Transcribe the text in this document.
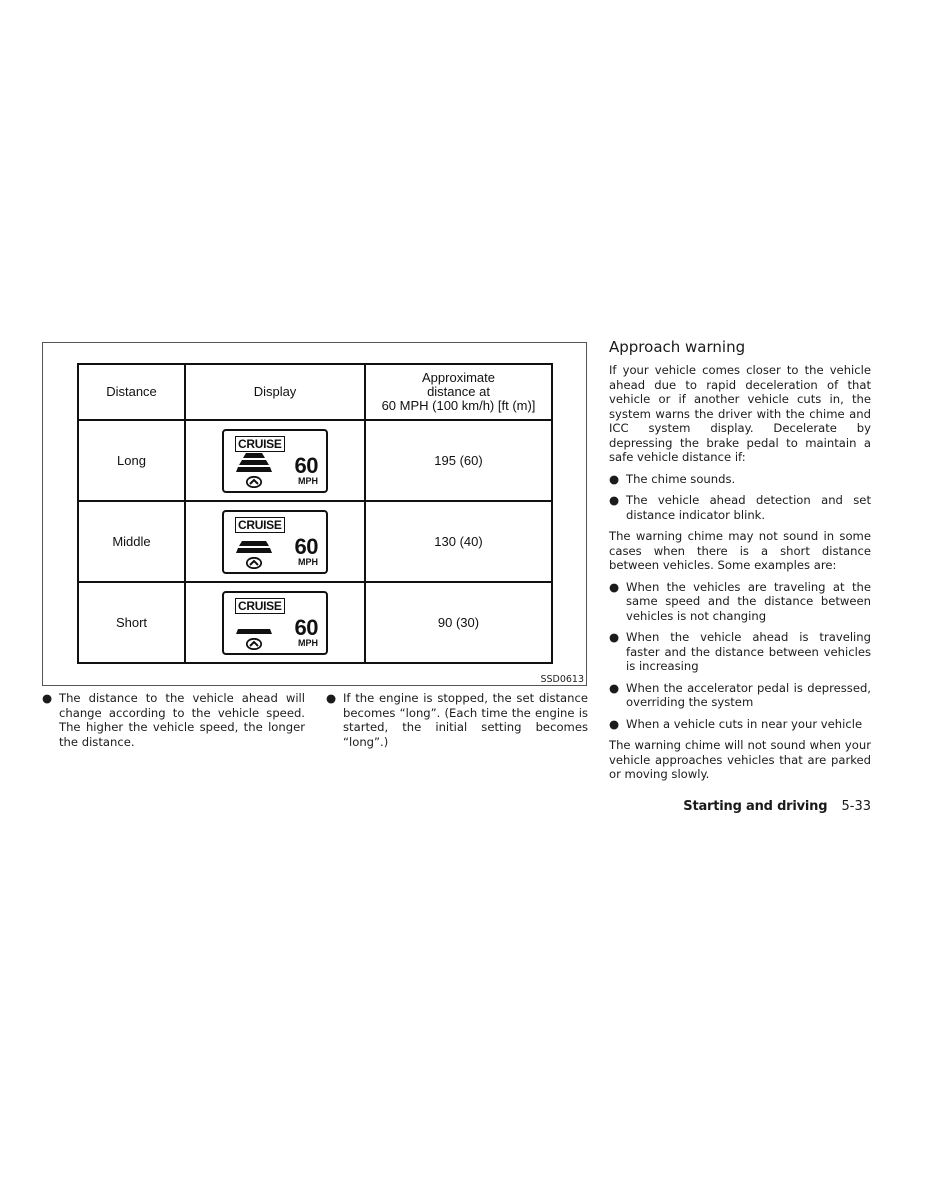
Distance	Display	Approximate
distance at
60 MPH (100 km/h) [ft (m)]

Long	CRUISE
60
MPH	195 (60)
Middle	CRUISE
60
MPH	130 (40)
Short	CRUISE
60
MPH	90 (30)
SSD0613
● The distance to the vehicle ahead will change according to the vehicle speed. The higher the vehicle speed, the longer the distance.
● If the engine is stopped, the set distance becomes “long”. (Each time the engine is started, the initial setting becomes “long”.)
Approach warning

If your vehicle comes closer to the vehicle ahead due to rapid deceleration of that vehicle or if another vehicle cuts in, the system warns the driver with the chime and ICC system display. Decelerate by depressing the brake pedal to maintain a safe vehicle distance if:

● The chime sounds.
● The vehicle ahead detection and set distance indicator blink.

The warning chime may not sound in some cases when there is a short distance between vehicles. Some examples are:

● When the vehicles are traveling at the same speed and the distance between vehicles is not changing
● When the vehicle ahead is traveling faster and the distance between vehicles is increasing
● When the accelerator pedal is depressed, overriding the system
● When a vehicle cuts in near your vehicle

The warning chime will not sound when your vehicle approaches vehicles that are parked or moving slowly.

Starting and driving 5-33
